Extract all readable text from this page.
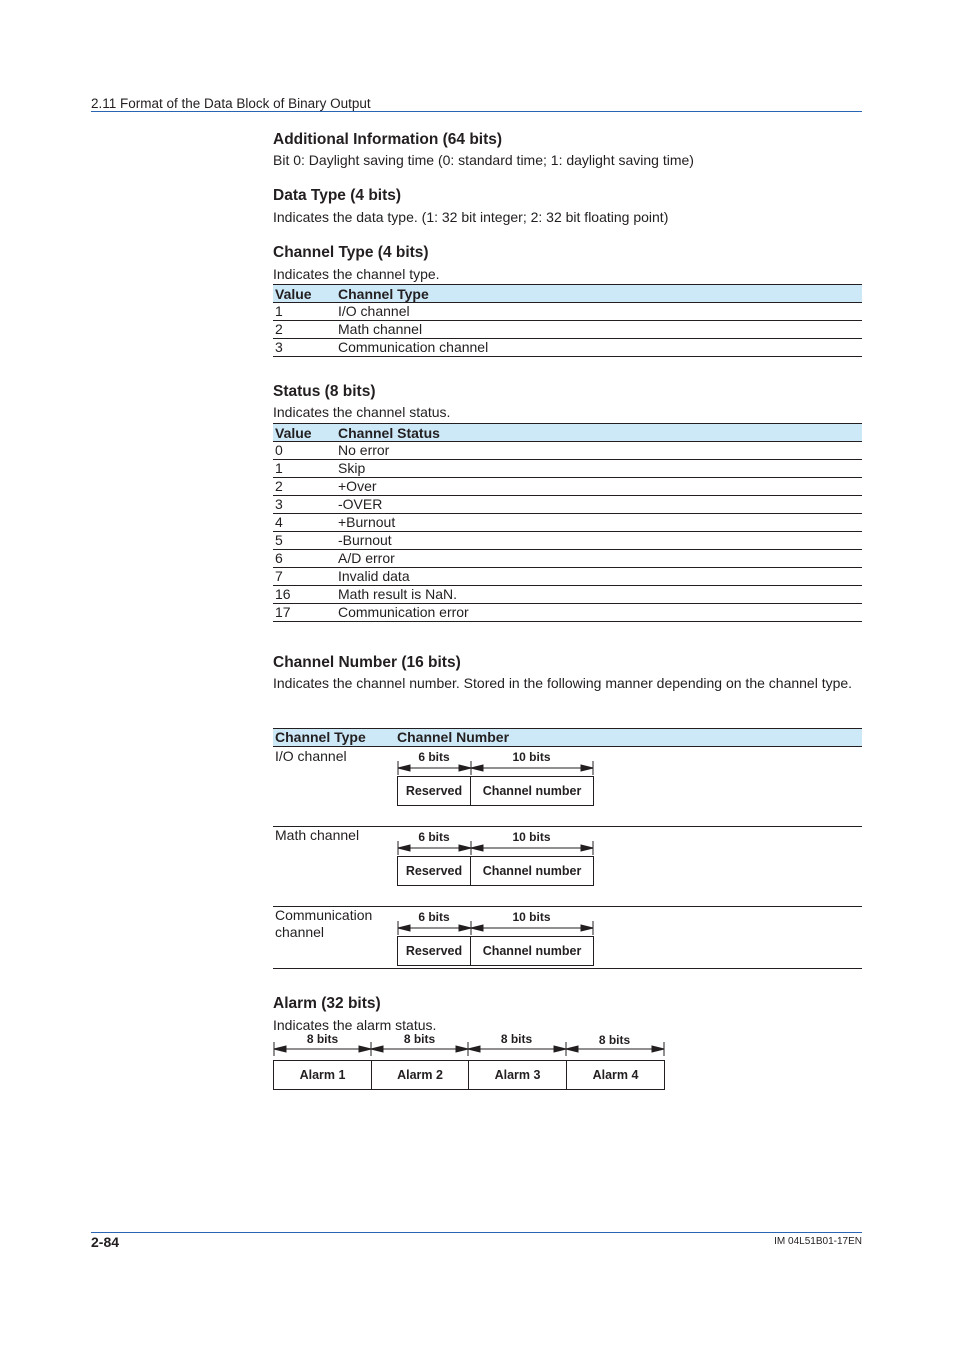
2.11 Format of the Data Block of Binary Output
Additional Information (64 bits)
Bit 0: Daylight saving time (0: standard time; 1: daylight saving time)
Data Type (4 bits)
Indicates the data type. (1: 32 bit integer; 2: 32 bit floating point)
Channel Type (4 bits)
Indicates the channel type.
Value	Channel Type
1	I/O channel
2	Math channel
3	Communication channel
Status (8 bits)
Indicates the channel status.
Value	Channel Status
0	No error
1	Skip
2	+Over
3	-OVER
4	+Burnout
5	-Burnout
6	A/D error
7	Invalid data
16	Math result is NaN.
17	Communication error
Channel Number (16 bits)
Indicates the channel number. Stored in the following manner depending on the channel type.
Channel Type Channel Number
I/O channel	6 bits	10 bits
Reserved	Channel number
Math channel	6 bits	10 bits
Reserved	Channel number
Communication
channel
6 bits	10 bits
Reserved	Channel number
Alarm (32 bits)
Indicates the alarm status.
8 bits	8 bits	8 bits	8 bits
Alarm 1	Alarm 2	Alarm 3	Alarm 4
2-84	IM 04L51B01-17EN
